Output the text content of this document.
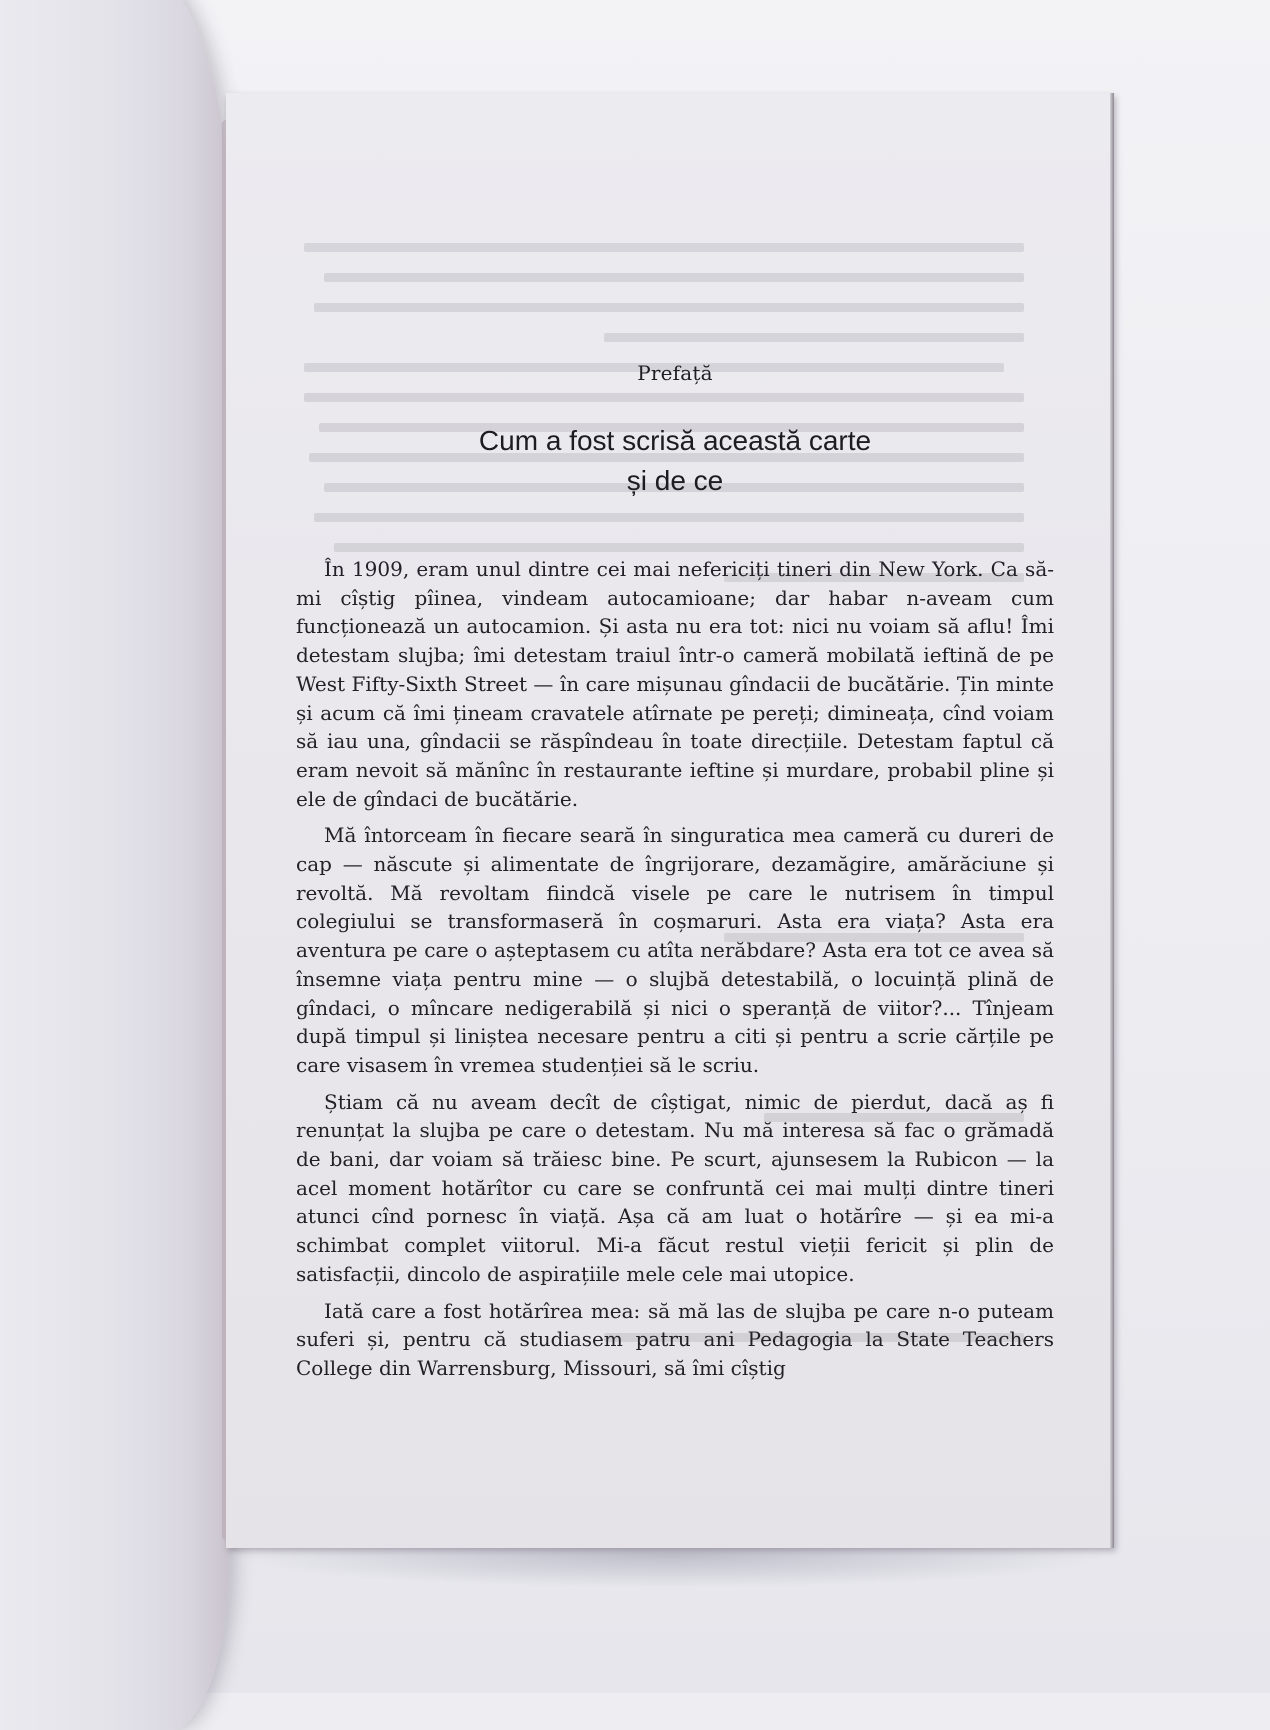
Prefață
Cum a fost scrisă această carte
și de ce

În 1909, eram unul dintre cei mai nefericiți tineri din New York. Ca să-mi cîștig pîinea, vindeam autocamioane; dar habar n-aveam cum funcționează un autocamion. Și asta nu era tot: nici nu voiam să aflu! Îmi detestam slujba; îmi detestam traiul într-o cameră mobilată ieftină de pe West Fifty-Sixth Street — în care mișunau gîndacii de bucătărie. Țin minte și acum că îmi țineam cravatele atîrnate pe pereți; dimineața, cînd voiam să iau una, gîndacii se răspîndeau în toate direcțiile. Detestam faptul că eram nevoit să mănînc în restaurante ieftine și murdare, probabil pline și ele de gîndaci de bucătărie.

Mă întorceam în fiecare seară în singuratica mea cameră cu dureri de cap — născute și alimentate de îngrijorare, dezamăgire, amărăciune și revoltă. Mă revoltam fiindcă visele pe care le nutrisem în timpul colegiului se transformaseră în coșmaruri. Asta era viața? Asta era aventura pe care o așteptasem cu atîta nerăbdare? Asta era tot ce avea să însemne viața pentru mine — o slujbă detestabilă, o locuință plină de gîndaci, o mîncare nedigerabilă și nici o speranță de viitor?... Tînjeam după timpul și liniștea necesare pentru a citi și pentru a scrie cărțile pe care visasem în vremea studenției să le scriu.

Știam că nu aveam decît de cîștigat, nimic de pierdut, dacă aș fi renunțat la slujba pe care o detestam. Nu mă interesa să fac o grămadă de bani, dar voiam să trăiesc bine. Pe scurt, ajunsesem la Rubicon — la acel moment hotărîtor cu care se confruntă cei mai mulți dintre tineri atunci cînd pornesc în viață. Așa că am luat o hotărîre — și ea mi-a schimbat complet viitorul. Mi-a făcut restul vieții fericit și plin de satisfacții, dincolo de aspirațiile mele cele mai utopice.

Iată care a fost hotărîrea mea: să mă las de slujba pe care n-o puteam suferi și, pentru că studiasem patru ani Pedagogia la State Teachers College din Warrensburg, Missouri, să îmi cîștig
